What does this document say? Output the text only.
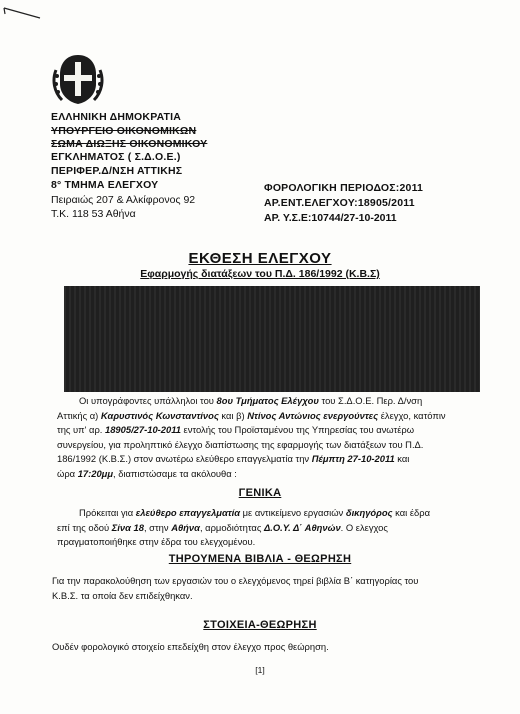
ΕΛΛΗΝΙΚΗ ΔΗΜΟΚΡΑΤΙΑ
ΥΠΟΥΡΓΕΙΟ ΟΙΚΟΝΟΜΙΚΩΝ
ΣΩΜΑ ΔΙΩΞΗΣ ΟΙΚΟΝΟΜΙΚΟΥ
ΕΓΚΛΗΜΑΤΟΣ ( Σ.Δ.Ο.Ε.)
ΠΕΡΙΦΕΡ.Δ/ΝΣΗ ΑΤΤΙΚΗΣ
8° ΤΜΗΜΑ ΕΛΕΓΧΟΥ
Πειραιώς 207 & Αλκίφρονος 92
Τ.Κ. 118 53 Αθήνα
ΦΟΡΟΛΟΓΙΚΗ ΠΕΡΙΟΔΟΣ:2011
ΑΡ.ΕΝΤ.ΕΛΕΓΧΟΥ:18905/2011
ΑΡ. Υ.Σ.Ε:10744/27-10-2011
ΕΚΘΕΣΗ ΕΛΕΓΧΟΥ
Εφαρμογής διατάξεων του Π.Δ. 186/1992 (Κ.Β.Σ)
Οι υπογράφοντες υπάλληλοι του 8ου Τμήματος Ελέγχου του Σ.Δ.Ο.Ε. Περ. Δ/νση
Αττικής α) Καρυστινός Κωνσταντίνος και β) Ντίνος Αντώνιος ενεργούντες έλεγχο, κατόπιν
της υπ' αρ. 18905/27-10-2011 εντολής του Προϊσταμένου της Υπηρεσίας του ανωτέρω
συνεργείου, για προληπτικό έλεγχο διαπίστωσης της εφαρμογής των διατάξεων του Π.Δ.
186/1992 (Κ.Β.Σ.) στον ανωτέρω ελεύθερο επαγγελματία την Πέμπτη 27-10-2011 και
ώρα 17:20μμ, διαπιστώσαμε τα ακόλουθα :
ΓΕΝΙΚΑ
Πρόκειται για ελεύθερο επαγγελματία με αντικείμενο εργασιών δικηγόρος και έδρα
επί της οδού Σίνα 18, στην Αθήνα, αρμοδιότητας Δ.Ο.Υ. Δ΄ Αθηνών. Ο ελεγχος
πραγματοποιήθηκε στην έδρα του ελεγχομένου.
ΤΗΡΟΥΜΕΝΑ ΒΙΒΛΙΑ - ΘΕΩΡΗΣΗ
Για την παρακολούθηση των εργασιών του ο ελεγχόμενος τηρεί βιβλία Β΄ κατηγορίας του
Κ.Β.Σ. τα οποία δεν επιδείχθηκαν.
ΣΤΟΙΧΕΙΑ-ΘΕΩΡΗΣΗ
Ουδέν φορολογικό στοιχείο επεδείχθη στον έλεγχο προς θεώρηση.
[1]
